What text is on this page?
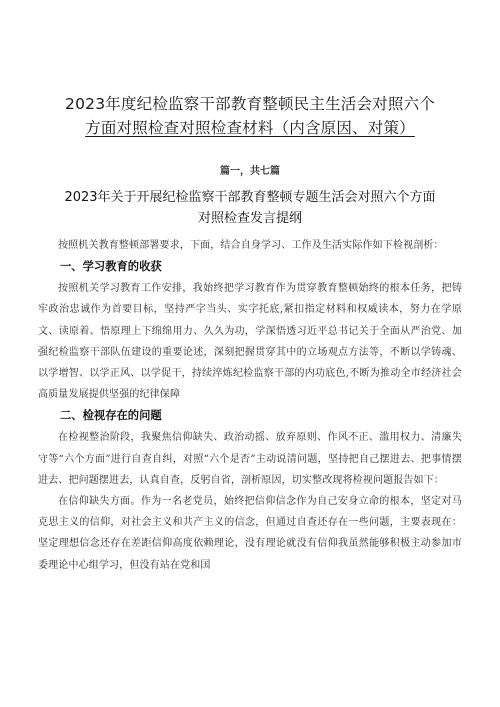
2023年度纪检监察干部教育整顿民主生活会对照六个
方面对照检查对照检查材料（内含原因、对策）
篇一，共七篇
2023年关于开展纪检监察干部教育整顿专题生活会对照六个方面
对照检查发言提纲

按照机关教育整顿部署要求，下面，结合自身学习、工作及生活实际作如下检视剖析：

一、学习教育的收获

按照机关学习教育工作安排，我始终把学习教育作为贯穿教育整顿始终的根本任务，把铸牢政治忠诚作为首要目标，坚持严字当头、实字托底,紧扣指定材料和权威读本，努力在学原文、读原着、悟原理上下绵绵用力、久久为功，学深悟透习近平总书记关于全面从严治党、加强纪检监察干部队伍建设的重要论述，深刻把握贯穿其中的立场观点方法等，不断以学铸魂、以学增智、以学正风、以学促干，持续淬炼纪检监察干部的内功底色,不断为推动全市经济社会高质量发展提供坚强的纪律保障

二、检视存在的问题

在检视整治阶段，我聚焦信仰缺失、政治动摇、放弃原则、作风不正、滥用权力、清廉失守等“六个方面”进行自查自纠，对照“六个是否”主动说清问题，坚持把自己摆进去、把事情摆进去、把问题摆进去，认真自查，反躬自省，剖析原因，切实整改现将检视问题报告如下：

在信仰缺失方面。作为一名老党员，始终把信仰信念作为自己安身立命的根本，坚定对马克思主义的信仰，对社会主义和共产主义的信念，但通过自查还存在一些问题，主要表现在：坚定理想信念还存在差距信仰高度依赖理论，没有理论就没有信仰我虽然能够积极主动参加市委理论中心组学习，但没有站在党和国
